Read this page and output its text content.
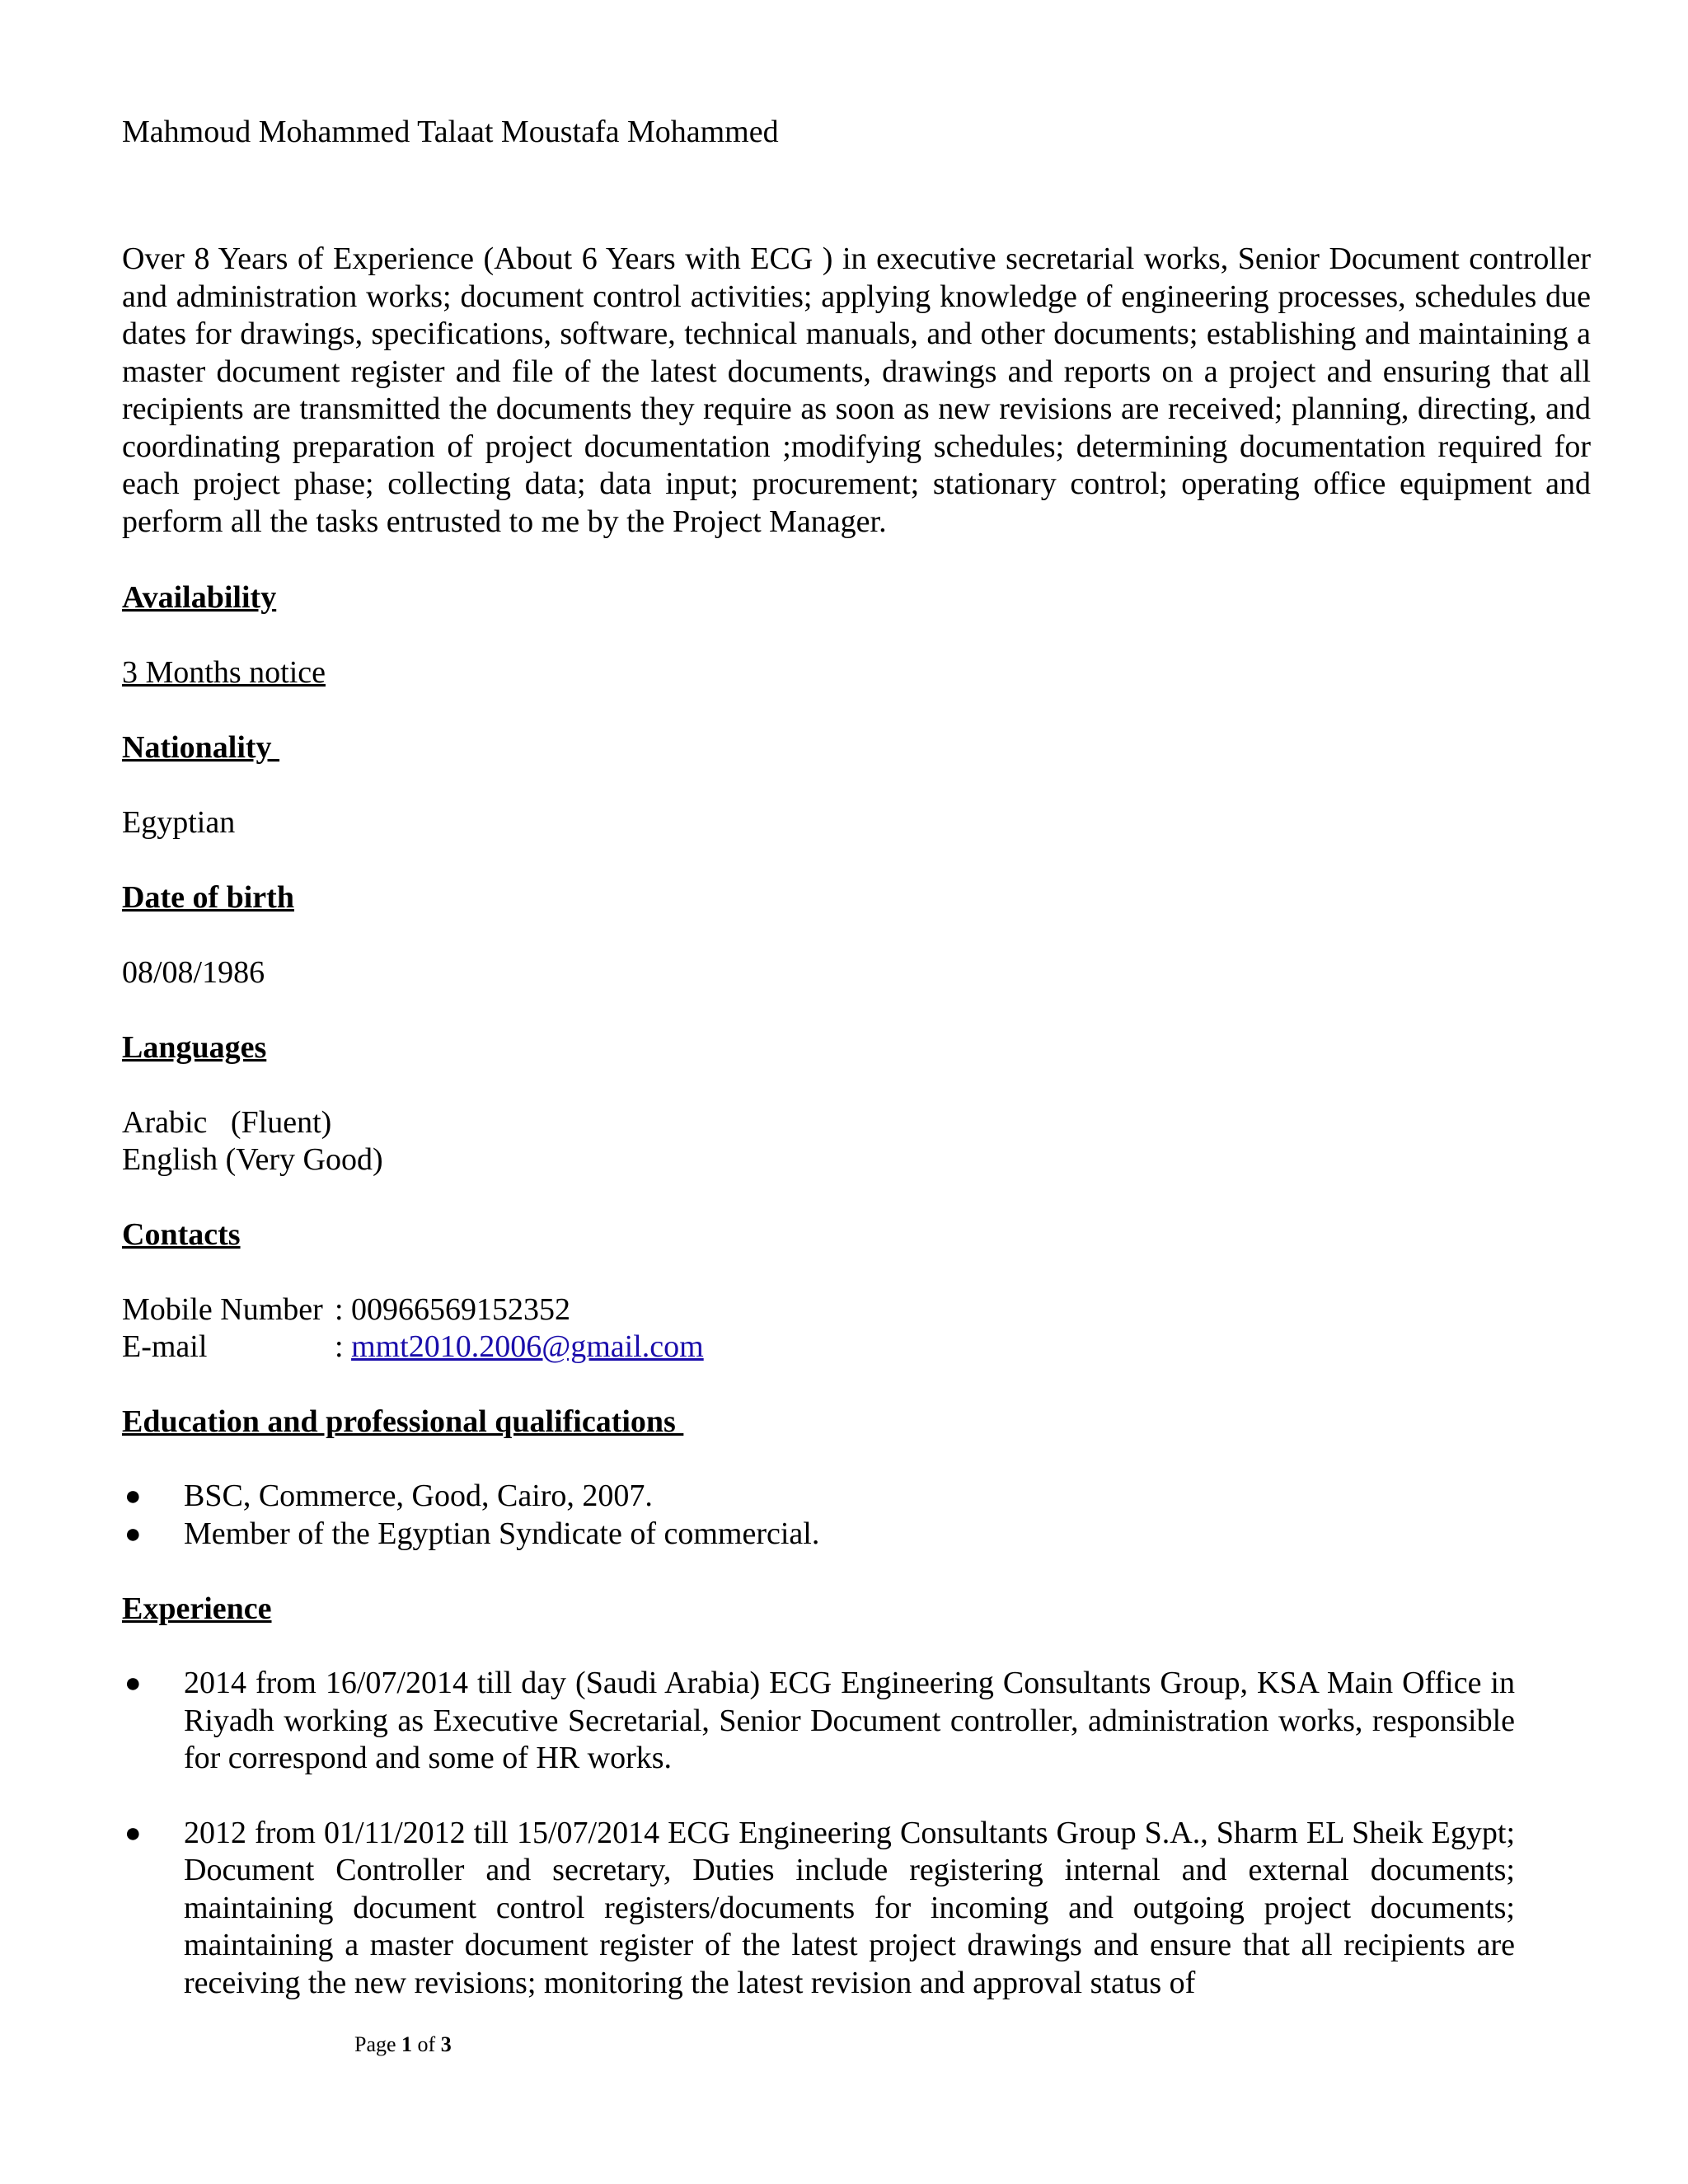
Mahmoud Mohammed Talaat Moustafa Mohammed
Over 8 Years of Experience (About 6 Years with ECG ) in executive secretarial works, Senior Document controller and administration works; document control activities; applying knowledge of engineering processes, schedules due dates for drawings, specifications, software, technical manuals, and other documents; establishing and maintaining a master document register and file of the latest documents, drawings and reports on a project and ensuring that all recipients are transmitted the documents they require as soon as new revisions are received; planning, directing, and coordinating preparation of project documentation ;modifying schedules; determining documentation required for each project phase; collecting data; data input; procurement; stationary control; operating office equipment and perform all the tasks entrusted to me by the Project Manager.
Availability
3 Months notice
Nationality
Egyptian
Date of birth
08/08/1986
Languages
Arabic   (Fluent)
English (Very Good)
Contacts
Mobile Number : 00966569152352
E-mail	: mmt2010.2006@gmail.com
Education and professional qualifications
●	BSC, Commerce, Good, Cairo, 2007.
●	Member of the Egyptian Syndicate of commercial.
Experience
●	2014 from 16/07/2014 till day (Saudi Arabia) ECG Engineering Consultants Group, KSA Main Office in Riyadh working as Executive Secretarial, Senior Document controller, administration works, responsible for correspond and some of HR works.
●	2012 from 01/11/2012 till 15/07/2014 ECG Engineering Consultants Group S.A., Sharm EL Sheik Egypt; Document Controller and secretary, Duties include registering internal and external documents; maintaining document control registers/documents for incoming and outgoing project documents; maintaining a master document register of the latest project drawings and ensure that all recipients are receiving the new revisions; monitoring the latest revision and approval status of
Page 1 of 3
